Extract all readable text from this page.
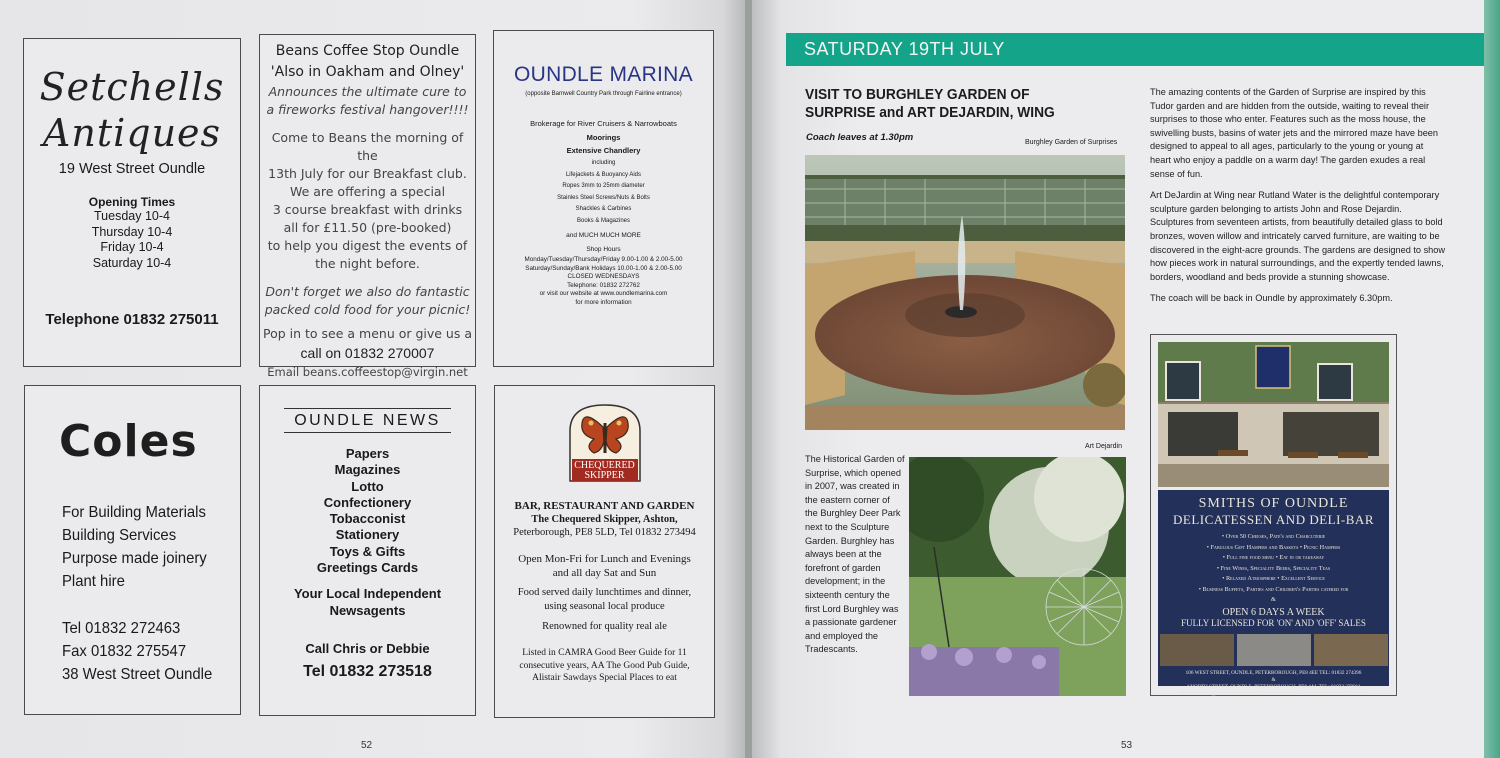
Setchells
Antiques
19 West Street Oundle
Opening Times
Tuesday 10-4
Thursday 10-4
Friday 10-4
Saturday 10-4
Telephone 01832 275011
Beans Coffee Stop Oundle
'Also in Oakham and Olney'
Announces the ultimate cure to
a fireworks festival hangover!!!!
Come to Beans the morning of the
13th July for our Breakfast club.
We are offering a special
3 course breakfast with drinks
all for £11.50 (pre-booked)
to help you digest the events of
the night before.
Don't forget we also do fantastic
packed cold food for your picnic!
Pop in to see a menu or give us a
call on 01832 270007
Email beans.coffeestop@virgin.net
OUNDLE MARINA
(opposite Barnwell Country Park through Fairline entrance)
Brokerage for River Cruisers & Narrowboats
Moorings
Extensive Chandlery
including
Lifejackets & Buoyancy Aids
Ropes 3mm to 25mm diameter
Stainles Steel Screws/Nuts & Bolts
Shackles & Carbines
Books & Magazines
and MUCH MUCH MORE
Shop Hours
Monday/Tuesday/Thursday/Friday 9.00-1.00 & 2.00-5.00
Saturday/Sunday/Bank Holidays 10.00-1.00 & 2.00-5.00
CLOSED WEDNESDAYS
Telephone: 01832 272762
or visit our website at www.oundlemarina.com
for more information
Coles
For Building Materials
Building Services
Purpose made joinery
Plant hire
Tel 01832 272463
Fax 01832 275547
38 West Street Oundle
OUNDLE NEWS
Papers
Magazines
Lotto
Confectionery
Tobacconist
Stationery
Toys & Gifts
Greetings Cards
Your Local Independent
Newsagents
Call Chris or Debbie
Tel 01832 273518
THE
CHEQUERED
SKIPPER
BAR, RESTAURANT AND GARDEN
The Chequered Skipper, Ashton,
Peterborough, PE8 5LD, Tel 01832 273494
Open Mon-Fri for Lunch and Evenings
and all day Sat and Sun
Food served daily lunchtimes and dinner,
using seasonal local produce
Renowned for quality real ale
Listed in CAMRA Good Beer Guide for 11
consecutive years, AA The Good Pub Guide,
Alistair Sawdays Special Places to eat
52	53
SATURDAY 19TH JULY
VISIT TO BURGHLEY GARDEN OF
SURPRISE and ART DEJARDIN, WING
Coach leaves at 1.30pm	Burghley Garden of Surprises
Art Dejardin
The Historical Garden of Surprise, which opened in 2007, was created in the eastern corner of the Burghley Deer Park next to the Sculpture Garden. Burghley has always been at the forefront of garden development; in the sixteenth century the first Lord Burghley was a passionate gardener and employed the Tradescants.

The amazing contents of the Garden of Surprise are inspired by this Tudor garden and are hidden from the outside, waiting to reveal their surprises to those who enter. Features such as the moss house, the swivelling busts, basins of water jets and the mirrored maze have been designed to appeal to all ages, particularly to the young or young at heart who enjoy a paddle on a warm day! The garden exudes a real sense of fun.

Art DeJardin at Wing near Rutland Water is the delightful contemporary sculpture garden belonging to artists John and Rose Dejardin. Sculptures from seventeen artists, from beautifully detailed glass to bold bronzes, woven willow and intricately carved furniture, are waiting to be discovered in the eight-acre grounds. The gardens are designed to show how pieces work in natural surroundings, and the expertly tended lawns, borders, woodland and beds provide a stunning showcase.

The coach will be back in Oundle by approximately 6.30pm.

SMITHS OF OUNDLE
DELICATESSEN AND DELI-BAR
• Over 50 Cheeses, Pate's and Charcuterie
• Fabulous Gift Hampers and Baskets • Picnic Hampers
• Full fine food menu • Eat in or takeaway
• Fine Wines, Speciality Beers, Speciality Teas
• Relaxed Atmosphere • Excellent Service
• Business Buffets, Parties and Children's Parties catered for
&
OPEN 6 DAYS A WEEK
FULLY LICENSED FOR 'ON' AND 'OFF' SALES
106 WEST STREET, OUNDLE, PETERBOROUGH, PE8 4EE TEL: 01832 274396
&
4 NORTH STREET, OUNDLE, PETERBOROUGH, PE8 4AL TEL: 01832 270011
EMAIL: MAIL@SMITHSOFOUNDLE.COM WEB: WWW.SMITHSOFOUNDLE.COM
